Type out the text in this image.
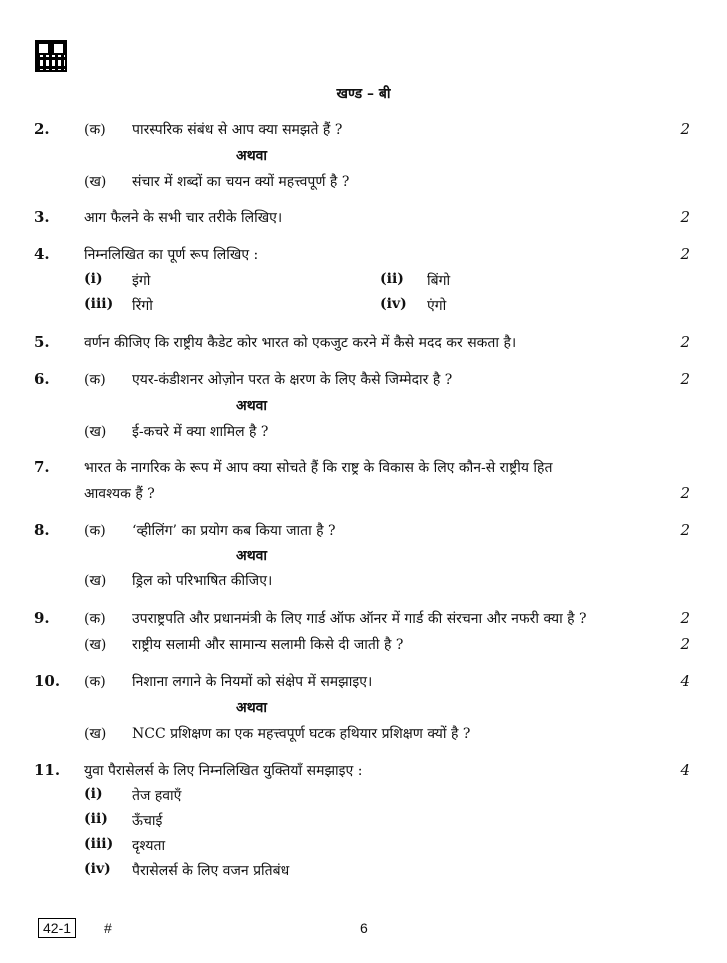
खण्ड – बी
2. (क) पारस्परिक संबंध से आप क्या समझते हैं ?	2
अथवा
(ख) संचार में शब्दों का चयन क्यों महत्त्वपूर्ण है ?
3. आग फैलने के सभी चार तरीके लिखिए।	2
4. निम्नलिखित का पूर्ण रूप लिखिए :	2
(i) इंगो	(ii) बिंगो
(iii) रिंगो	(iv) एंगो
5. वर्णन कीजिए कि राष्ट्रीय कैडेट कोर भारत को एकजुट करने में कैसे मदद कर सकता है।	2
6. (क) एयर-कंडीशनर ओज़ोन परत के क्षरण के लिए कैसे जिम्मेदार है ?	2
अथवा
(ख) ई-कचरे में क्या शामिल है ?
7. भारत के नागरिक के रूप में आप क्या सोचते हैं कि राष्ट्र के विकास के लिए कौन-से राष्ट्रीय हित
आवश्यक हैं ?	2
8. (क) ‘व्हीलिंग’ का प्रयोग कब किया जाता है ?	2
अथवा
(ख) ड्रिल को परिभाषित कीजिए।
9. (क) उपराष्ट्रपति और प्रधानमंत्री के लिए गार्ड ऑफ ऑनर में गार्ड की संरचना और नफरी क्या है ?	2
(ख) राष्ट्रीय सलामी और सामान्य सलामी किसे दी जाती है ?	2
10. (क) निशाना लगाने के नियमों को संक्षेप में समझाइए।	4
अथवा
(ख) NCC प्रशिक्षण का एक महत्त्वपूर्ण घटक हथियार प्रशिक्षण क्यों है ?
11. युवा पैरासेलर्स के लिए निम्नलिखित युक्तियाँ समझाइए :	4
(i) तेज हवाएँ
(ii) ऊँचाई
(iii) दृश्यता
(iv) पैरासेलर्स के लिए वजन प्रतिबंध
42-1	#	6
